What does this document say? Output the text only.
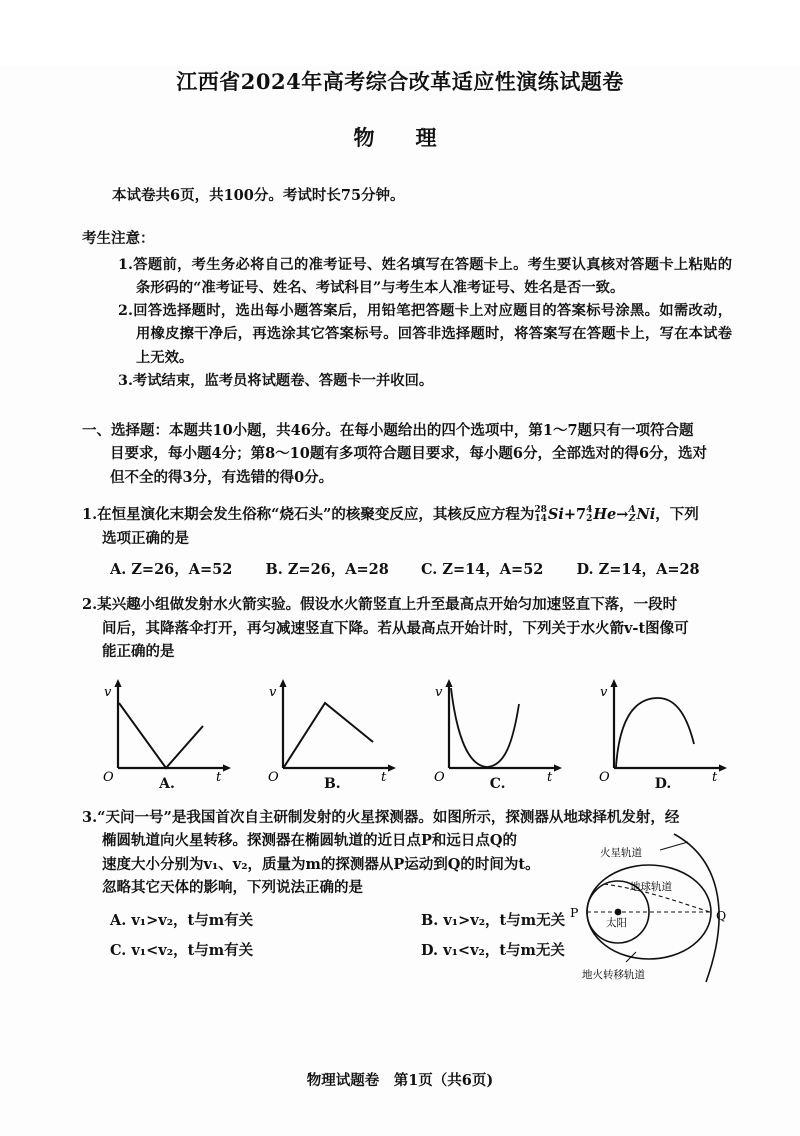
江西省2024年高考综合改革适应性演练试题卷
物　理
本试卷共6页，共100分。考试时长75分钟。
考生注意：
1.答题前，考生务必将自己的准考证号、姓名填写在答题卡上。考生要认真核对答题卡上粘贴的条形码的“准考证号、姓名、考试科目”与考生本人准考证号、姓名是否一致。
2.回答选择题时，选出每小题答案后，用铅笔把答题卡上对应题目的答案标号涂黑。如需改动，用橡皮擦干净后，再选涂其它答案标号。回答非选择题时，将答案写在答题卡上，写在本试卷上无效。
3.考试结束，监考员将试题卷、答题卡一并收回。
一、选择题：本题共10小题，共46分。在每小题给出的四个选项中，第1～7题只有一项符合题
目要求，每小题4分；第8～10题有多项符合题目要求，每小题6分，全部选对的得6分，选对
但不全的得3分，有选错的得0分。
1.在恒星演化末期会发生俗称“烧石头”的核聚变反应，其核反应方程为28
14Si+74
2He→A
ZNi，下列
选项正确的是
A. Z=26，A=52	B. Z=26，A=28	C. Z=14，A=52	D. Z=14，A=28
2.某兴趣小组做发射水火箭实验。假设水火箭竖直上升至最高点开始匀加速竖直下落，一段时
间后，其降落伞打开，再匀减速竖直下降。若从最高点开始计时，下列关于水火箭v-t图像可
能正确的是
v
O	t
A.
v
O	t
B.
v
O	t
C.
v
O	t
D.
3.“天问一号”是我国首次自主研制发射的火星探测器。如图所示，探测器从地球择机发射，经
椭圆轨道向火星转移。探测器在椭圆轨道的近日点P和远日点Q的
速度大小分别为v₁、v₂，质量为m的探测器从P运动到Q的时间为t。
忽略其它天体的影响，下列说法正确的是
火星轨道
地球轨道
太阳
地火转移轨道
P	Q
A. v₁>v₂，t与m有关	B. v₁>v₂，t与m无关
C. v₁<v₂，t与m有关	D. v₁<v₂，t与m无关
物理试题卷　第1页（共6页)
